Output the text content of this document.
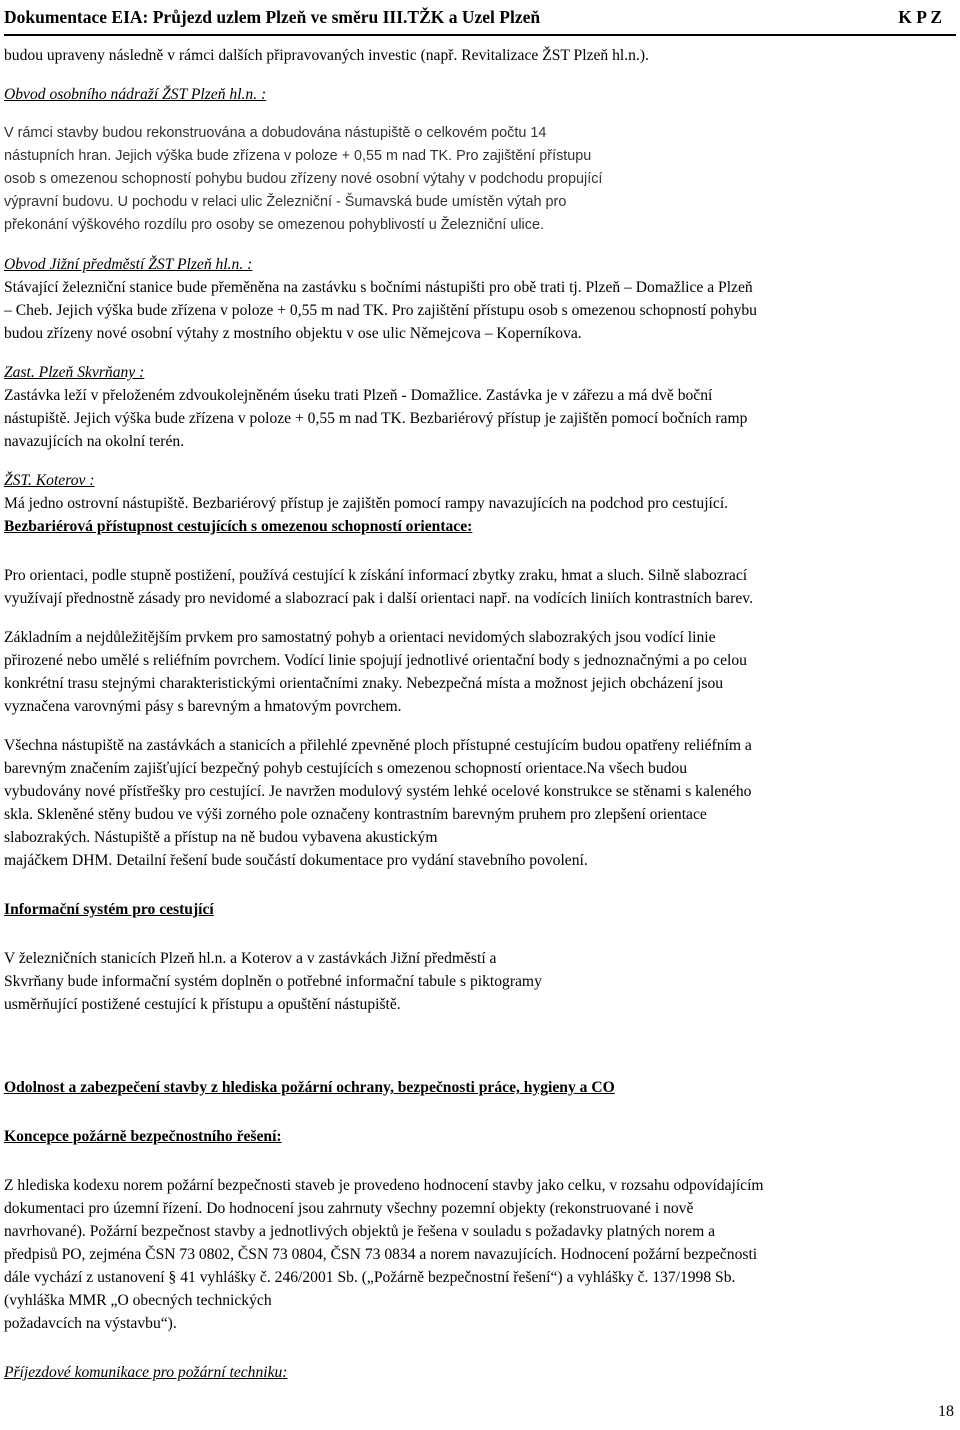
Dokumentace EIA: Průjezd uzlem Plzeň ve směru III.TŽK a Uzel Plzeň	K P Z

budou upraveny následně v rámci dalších připravovaných investic (např. Revitalizace ŽST Plzeň hl.n.).

Obvod osobního nádraží ŽST Plzeň hl.n. :

V rámci stavby budou rekonstruována a dobudována nástupiště o celkovém počtu 14

nástupních hran. Jejich výška bude zřízena v poloze + 0,55 m nad TK. Pro zajištění přístupu

osob s omezenou schopností pohybu budou zřízeny nové osobní výtahy v podchodu propující

výpravní budovu. U pochodu v relaci ulic Železniční - Šumavská bude umístěn výtah pro

překonání výškového rozdílu pro osoby se omezenou pohyblivostí u Železniční ulice.

Obvod Jižní předměstí ŽST Plzeň hl.n. :

Stávající železniční stanice bude přeměněna na zastávku s bočními nástupišti pro obě trati tj. Plzeň – Domažlice a Plzeň

– Cheb. Jejich výška bude zřízena v poloze + 0,55 m nad TK. Pro zajištění přístupu osob s omezenou schopností pohybu

budou zřízeny nové osobní výtahy z mostního objektu v ose ulic Němejcova – Koperníkova.

Zast. Plzeň Skvrňany :

Zastávka leží v přeloženém zdvoukolejněném úseku trati Plzeň - Domažlice. Zastávka je v zářezu a má dvě boční

nástupiště. Jejich výška bude zřízena v poloze + 0,55 m nad TK. Bezbariérový přístup je zajištěn pomocí bočních ramp

navazujících na okolní terén.

ŽST. Koterov :

Má jedno ostrovní nástupiště. Bezbariérový přístup je zajištěn pomocí rampy navazujících na podchod pro cestující.

Bezbariérová přístupnost cestujících s omezenou schopností orientace:

Pro orientaci, podle stupně postižení, používá cestující k získání informací zbytky zraku, hmat a sluch. Silně slabozrací

využívají přednostně zásady pro nevidomé a slabozrací pak i další orientaci např. na vodících liniích kontrastních barev.

Základním a nejdůležitějším prvkem pro samostatný pohyb a orientaci nevidomých slabozrakých jsou vodící linie

přirozené nebo umělé s reliéfním povrchem. Vodící linie spojují jednotlivé orientační body s jednoznačnými a po celou

konkrétní trasu stejnými charakteristickými orientačními znaky. Nebezpečná místa a možnost jejich obcházení jsou

vyznačena varovnými pásy s barevným a hmatovým povrchem.

Všechna nástupiště na zastávkách a stanicích a přilehlé zpevněné ploch přístupné cestujícím budou opatřeny reliéfním a

barevným značením zajišťující bezpečný pohyb cestujících s omezenou schopností orientace.Na všech budou

vybudovány nové přístřešky pro cestující. Je navržen modulový systém lehké ocelové konstrukce se stěnami s kaleného

skla. Skleněné stěny budou ve výši zorného pole označeny kontrastním barevným pruhem pro zlepšení orientace

slabozrakých. Nástupiště a přístup na ně budou vybavena akustickým

majáčkem DHM. Detailní řešení bude součástí dokumentace pro vydání stavebního povolení.

Informační systém pro cestující

V železničních stanicích Plzeň hl.n. a Koterov a v zastávkách Jižní předměstí a

Skvrňany bude informační systém doplněn o potřebné informační tabule s piktogramy

usměrňující postižené cestující k přístupu a opuštění nástupiště.

Odolnost a zabezpečení stavby z hlediska požární ochrany, bezpečnosti práce, hygieny a CO

Koncepce požárně bezpečnostního řešení:

Z hlediska kodexu norem požární bezpečnosti staveb je provedeno hodnocení stavby jako celku, v rozsahu odpovídajícím

dokumentaci pro územní řízení. Do hodnocení jsou zahrnuty všechny pozemní objekty (rekonstruované i nově

navrhované). Požární bezpečnost stavby a jednotlivých objektů je řešena v souladu s požadavky platných norem a

předpisů PO, zejména ČSN 73 0802, ČSN 73 0804, ČSN 73 0834 a norem navazujících. Hodnocení požární bezpečnosti

dále vychází z ustanovení § 41 vyhlášky č. 246/2001 Sb. („Požárně bezpečnostní řešení“) a vyhlášky č. 137/1998 Sb.

(vyhláška MMR „O obecných technických

požadavcích na výstavbu“).

Příjezdové komunikace pro požární techniku:

18
